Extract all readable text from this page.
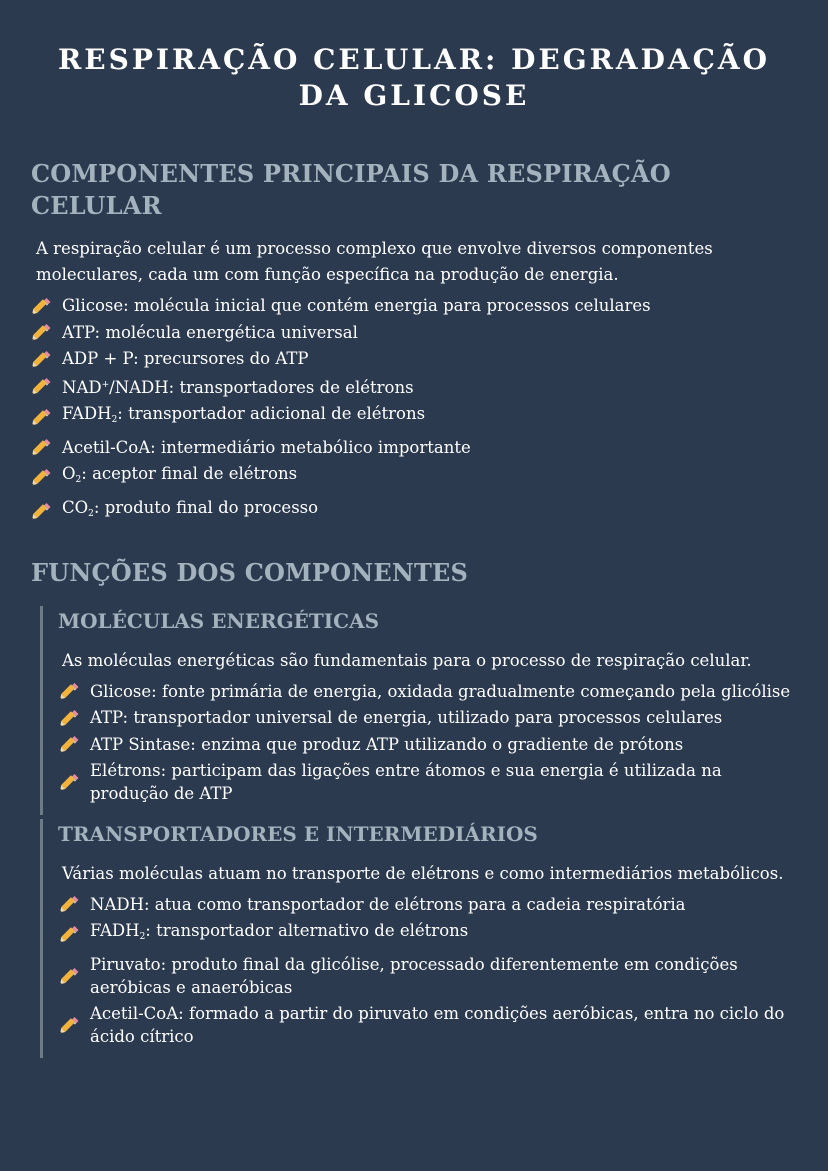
RESPIRAÇÃO CELULAR: DEGRADAÇÃO DA GLICOSE
COMPONENTES PRINCIPAIS DA RESPIRAÇÃO CELULAR

A respiração celular é um processo complexo que envolve diversos componentes moleculares, cada um com função específica na produção de energia.

Glicose: molécula inicial que contém energia para processos celulares
ATP: molécula energética universal
ADP + P: precursores do ATP
NAD+/NADH: transportadores de elétrons
$FADH_2$: transportador adicional de elétrons
Acetil-CoA: intermediário metabólico importante
$O_2$: aceptor final de elétrons
$CO_2$: produto final do processo
FUNÇÕES DOS COMPONENTES
MOLÉCULAS ENERGÉTICAS

As moléculas energéticas são fundamentais para o processo de respiração celular.

Glicose: fonte primária de energia, oxidada gradualmente começando pela glicólise
ATP: transportador universal de energia, utilizado para processos celulares
ATP Sintase: enzima que produz ATP utilizando o gradiente de prótons
Elétrons: participam das ligações entre átomos e sua energia é utilizada na produção de ATP
TRANSPORTADORES E INTERMEDIÁRIOS

Várias moléculas atuam no transporte de elétrons e como intermediários metabólicos.

NADH: atua como transportador de elétrons para a cadeia respiratória
$FADH_2$: transportador alternativo de elétrons
Piruvato: produto final da glicólise, processado diferentemente em condições aeróbicas e anaeróbicas
Acetil-CoA: formado a partir do piruvato em condições aeróbicas, entra no ciclo do ácido cítrico
